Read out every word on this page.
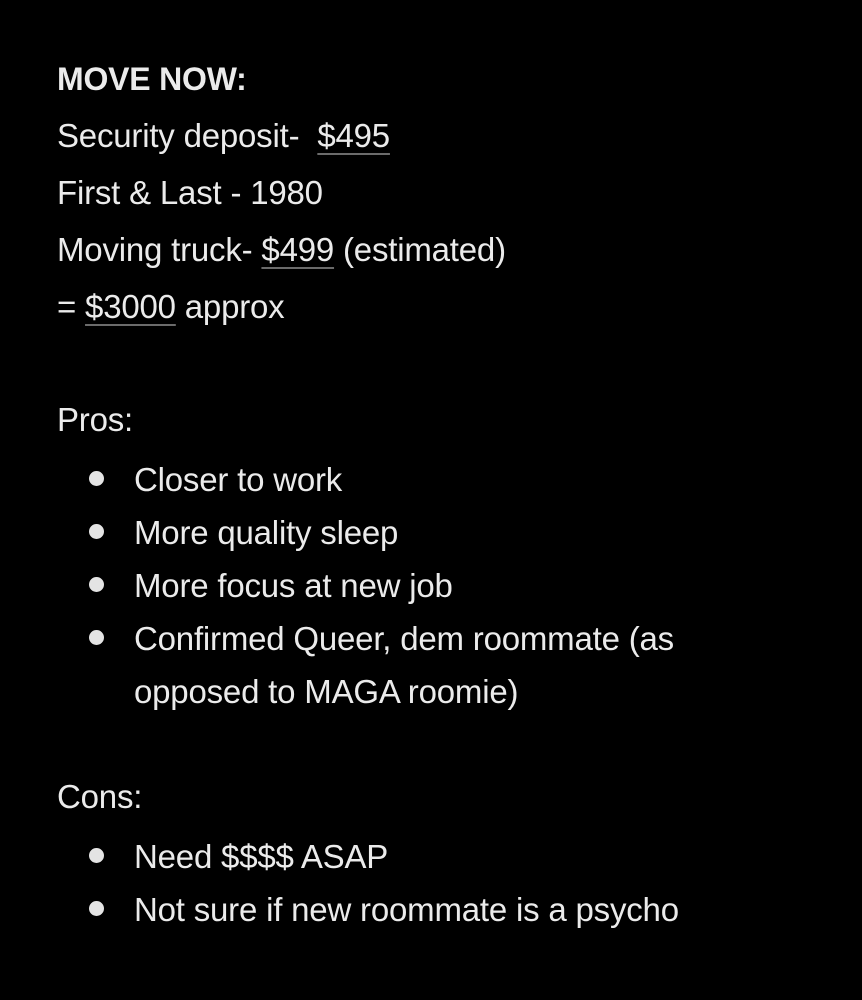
MOVE NOW:
Security deposit-  $495
First & Last - 1980
Moving truck- $499 (estimated)
= $3000 approx
Pros:
Closer to work
More quality sleep
More focus at new job
Confirmed Queer, dem roommate (as opposed to MAGA roomie)
Cons:
Need $$$$ ASAP
Not sure if new roommate is a psycho
